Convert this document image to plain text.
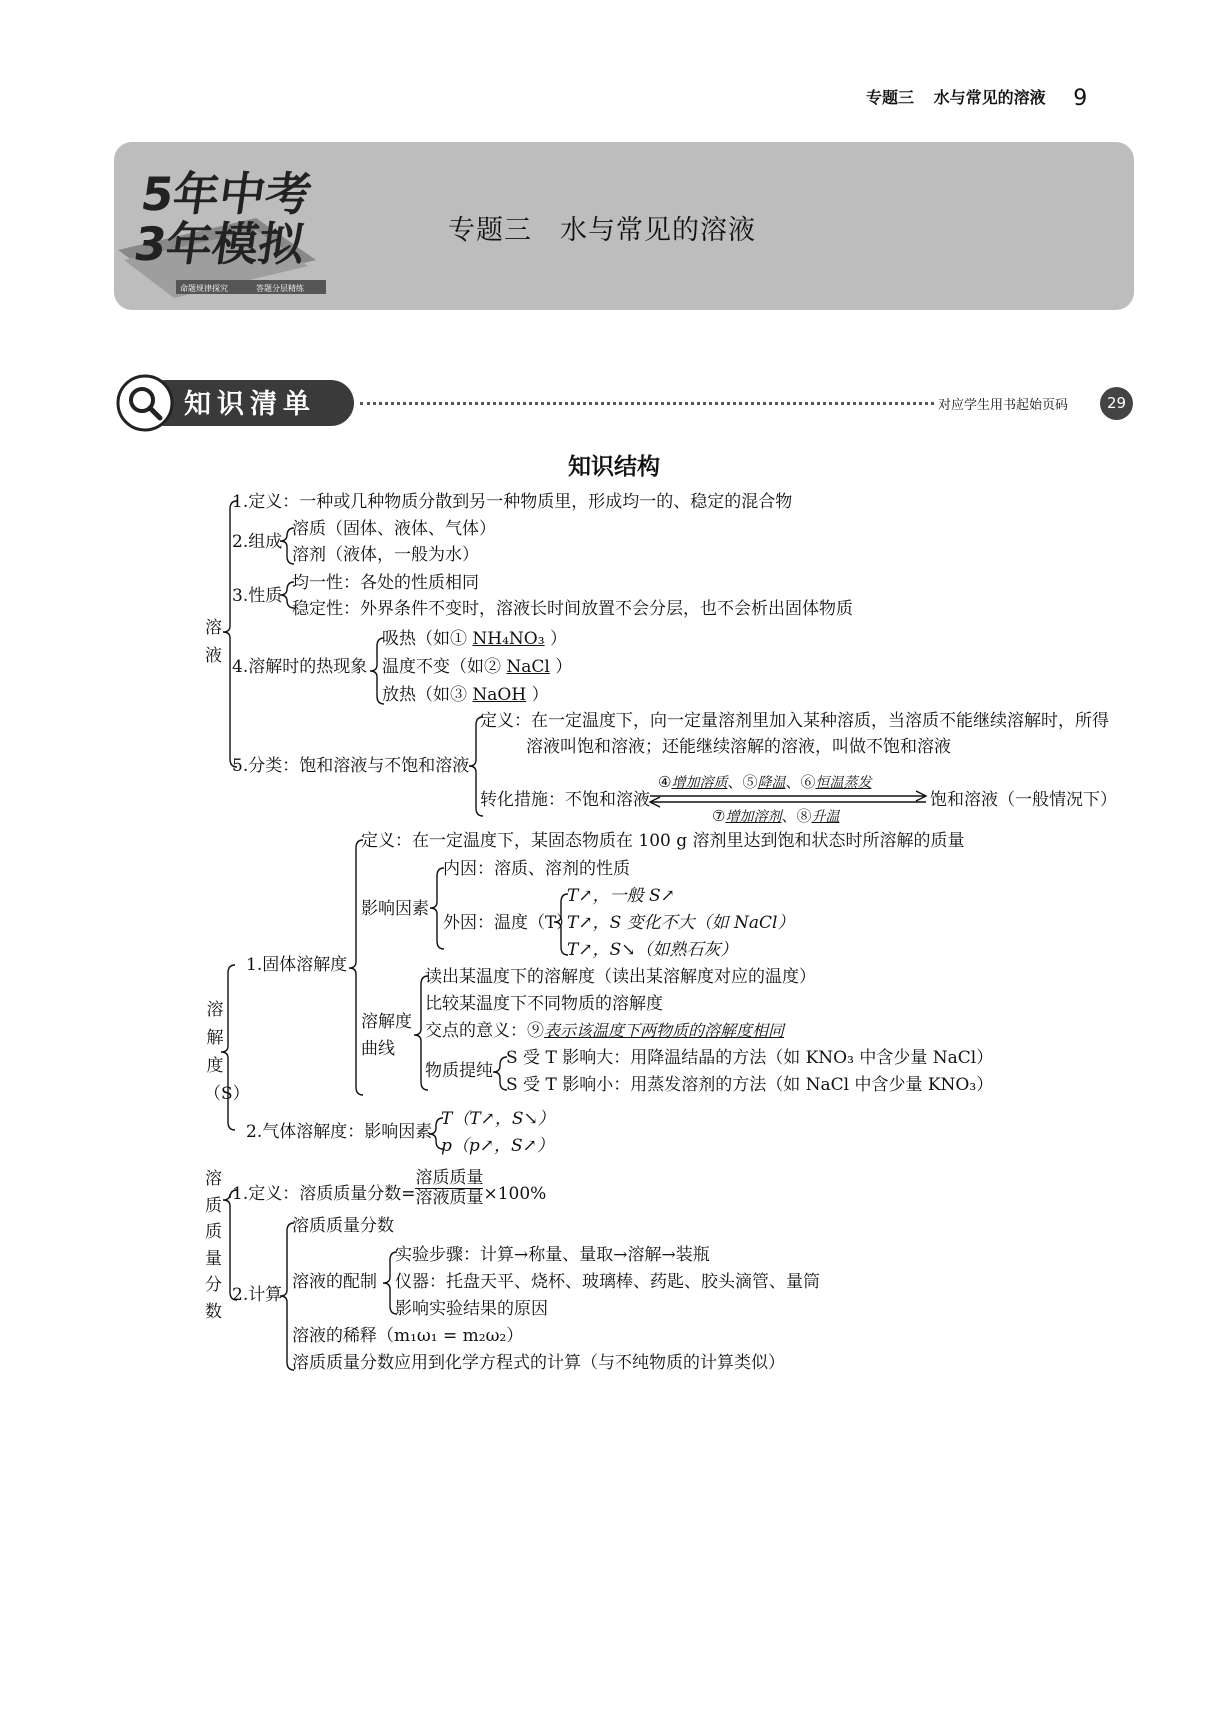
专题三 水与常见的溶液 9
5年中考
3年模拟
命题规律探究	答题分层精练
专题三　水与常见的溶液
知识清单	对应学生用书起始页码	29
知识结构
溶
液
1.定义：一种或几种物质分散到另一种物质里，形成均一的、稳定的混合物
2.组成
溶质（固体、液体、气体）
溶剂（液体，一般为水）
3.性质
均一性：各处的性质相同
稳定性：外界条件不变时，溶液长时间放置不会分层，也不会析出固体物质
4.溶解时的热现象
吸热（如① NH₄NO₃ ）
温度不变（如② NaCl ）
放热（如③ NaOH ）
5.分类：饱和溶液与不饱和溶液
定义：在一定温度下，向一定量溶剂里加入某种溶质，当溶质不能继续溶解时，所得
溶液叫饱和溶液；还能继续溶解的溶液，叫做不饱和溶液
转化措施：不饱和溶液	饱和溶液（一般情况下）
④增加溶质、⑤降温、⑥恒温蒸发
⑦增加溶剂、⑧升温
溶
解
度
（S）
定义：在一定温度下，某固态物质在 100 g 溶剂里达到饱和状态时所溶解的质量
影响因素
内因：溶质、溶剂的性质
外因：温度（T）
T↗，一般 S↗
T↗，S 变化不大（如 NaCl）
T↗，S↘（如熟石灰）
1.固体溶解度
溶解度
曲线
读出某温度下的溶解度（读出某溶解度对应的温度）
比较某温度下不同物质的溶解度
交点的意义：⑨表示该温度下两物质的溶解度相同
物质提纯
S 受 T 影响大：用降温结晶的方法（如 KNO₃ 中含少量 NaCl）
S 受 T 影响小：用蒸发溶剂的方法（如 NaCl 中含少量 KNO₃）
2.气体溶解度：影响因素
T（T↗，S↘）
p（p↗，S↗）
溶
质
质
量
分
数
1.定义：溶质质量分数= $\frac{\text{溶质质量}}{\text{溶液质量}} \times 100\%$
2.计算
溶质质量分数
溶液的配制
实验步骤：计算→称量、量取→溶解→装瓶
仪器：托盘天平、烧杯、玻璃棒、药匙、胶头滴管、量筒
影响实验结果的原因
溶液的稀释（m₁ω₁ = m₂ω₂）
溶质质量分数应用到化学方程式的计算（与不纯物质的计算类似）
